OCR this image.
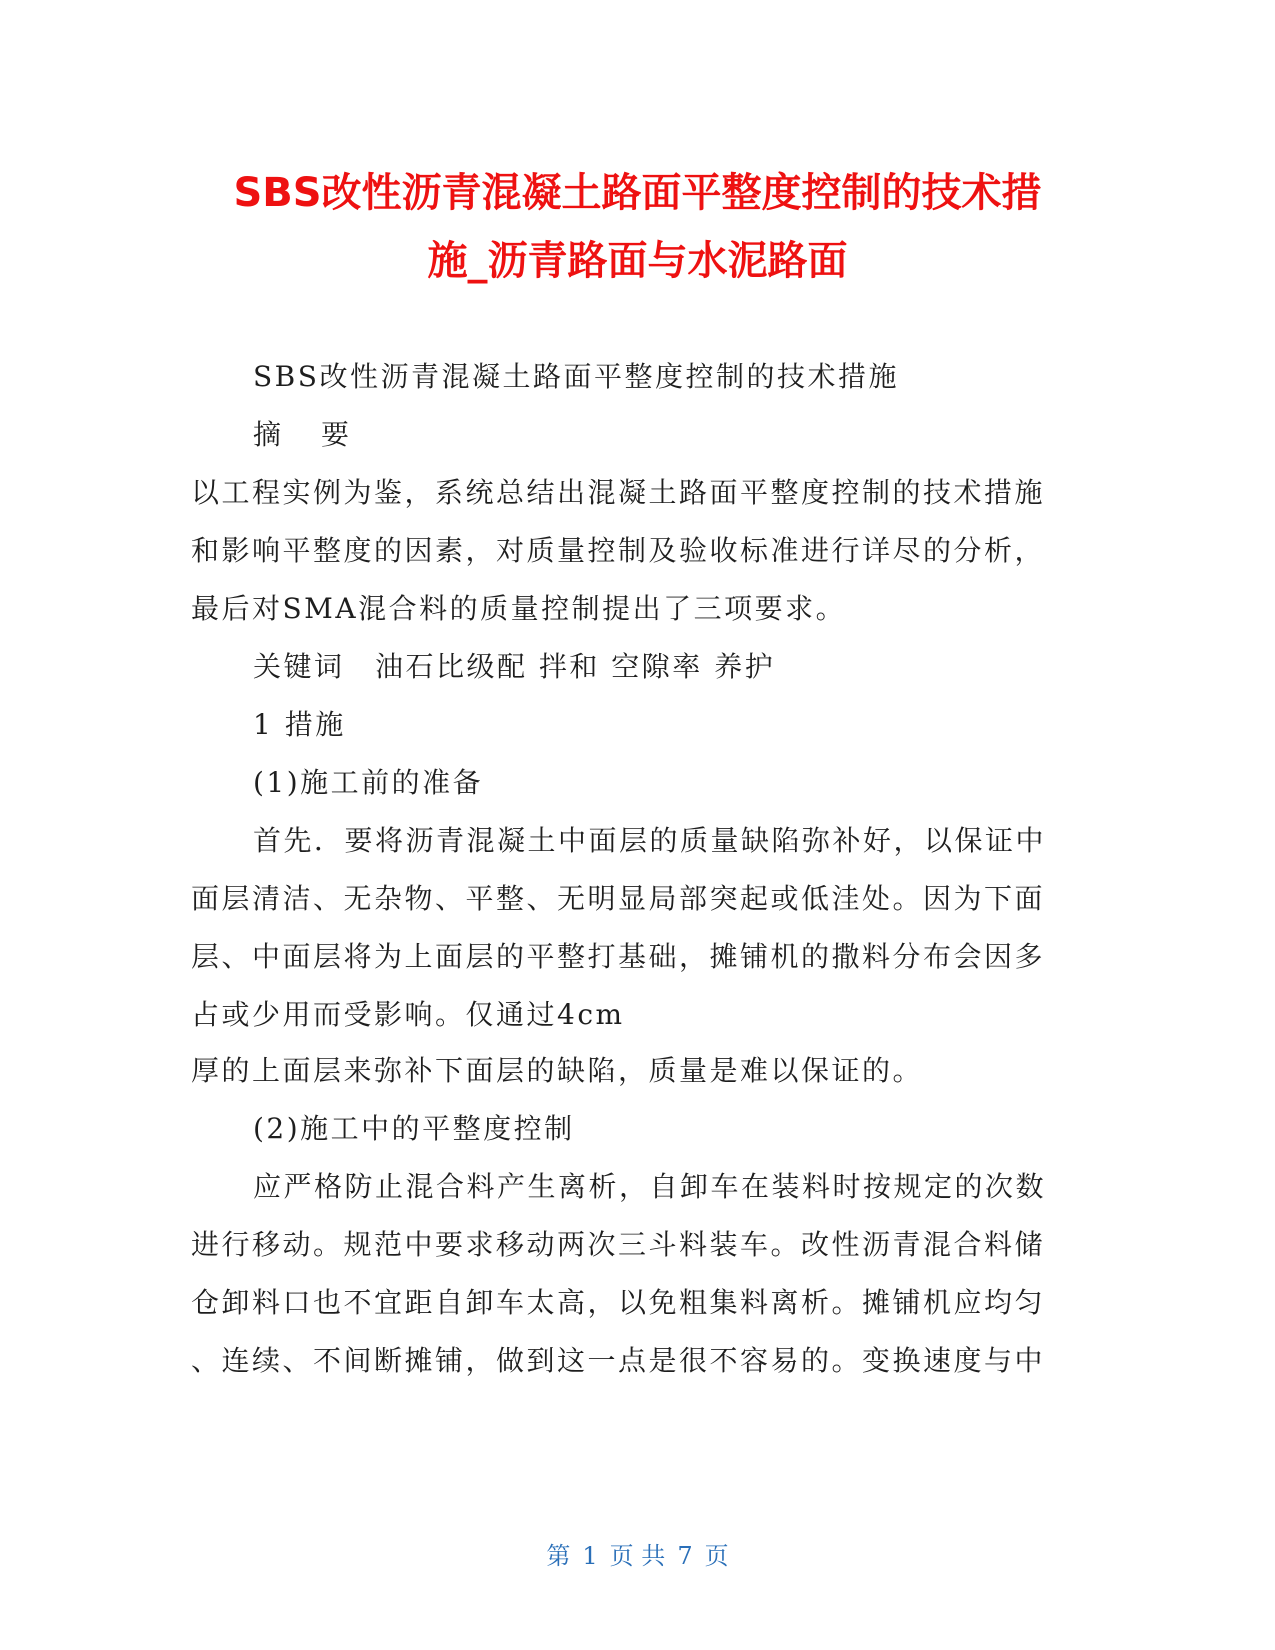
SBS改性沥青混凝土路面平整度控制的技术措
施_沥青路面与水泥路面
SBS改性沥青混凝土路面平整度控制的技术措施
摘　要
以工程实例为鉴，系统总结出混凝土路面平整度控制的技术措施
和影响平整度的因素，对质量控制及验收标准进行详尽的分析，
最后对SMA混合料的质量控制提出了三项要求。
关键词　油石比级配 拌和 空隙率 养护
1 措施
(1)施工前的准备
首先．要将沥青混凝土中面层的质量缺陷弥补好，以保证中
面层清洁、无杂物、平整、无明显局部突起或低洼处。因为下面
层、中面层将为上面层的平整打基础，摊铺机的撒料分布会因多
占或少用而受影响。仅通过4cm
厚的上面层来弥补下面层的缺陷，质量是难以保证的。
(2)施工中的平整度控制
应严格防止混合料产生离析，自卸车在装料时按规定的次数
进行移动。规范中要求移动两次三斗料装车。改性沥青混合料储
仓卸料口也不宜距自卸车太高，以免粗集料离析。摊铺机应均匀
、连续、不间断摊铺，做到这一点是很不容易的。变换速度与中
第 1 页 共 7 页
